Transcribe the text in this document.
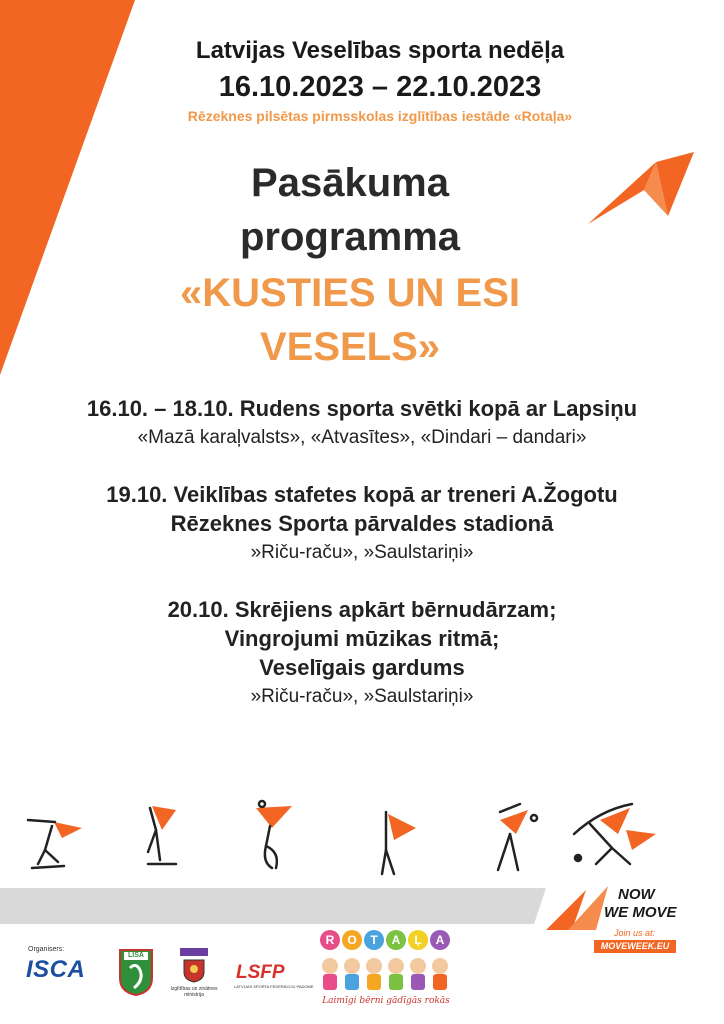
Latvijas Veselības sporta nedēļa
16.10.2023 – 22.10.2023
Rēzeknes pilsētas pirmsskolas izglītības iestāde «Rotaļa»
Pasākuma
programma
«KUSTIES UN ESI
VESELS»
16.10. – 18.10. Rudens sporta svētki kopā ar Lapsiņu
«Mazā karaļvalsts», «Atvasītes», «Dindari – dandari»
19.10. Veiklības stafetes kopā ar treneri A.Žogotu
Rēzeknes Sporta pārvaldes stadionā
»Riču-raču», »Saulstariņi»
20.10. Skrējiens apkārt bērnudārzam;
Vingrojumi mūzikas ritmā;
Veselīgais gardums
»Riču-raču», »Saulstariņi»
NOW
WE MOVE
Join us at:
MOVEWEEK.EU
Organisers:
ISCA
LISA
Izglītības un zinātnes ministrija
LSFP
LATVIJAS SPORTA FEDERĀCIJU PADOME
R	O	T	A	Ļ	A
Laimīgi bērni gādīgās rokās
